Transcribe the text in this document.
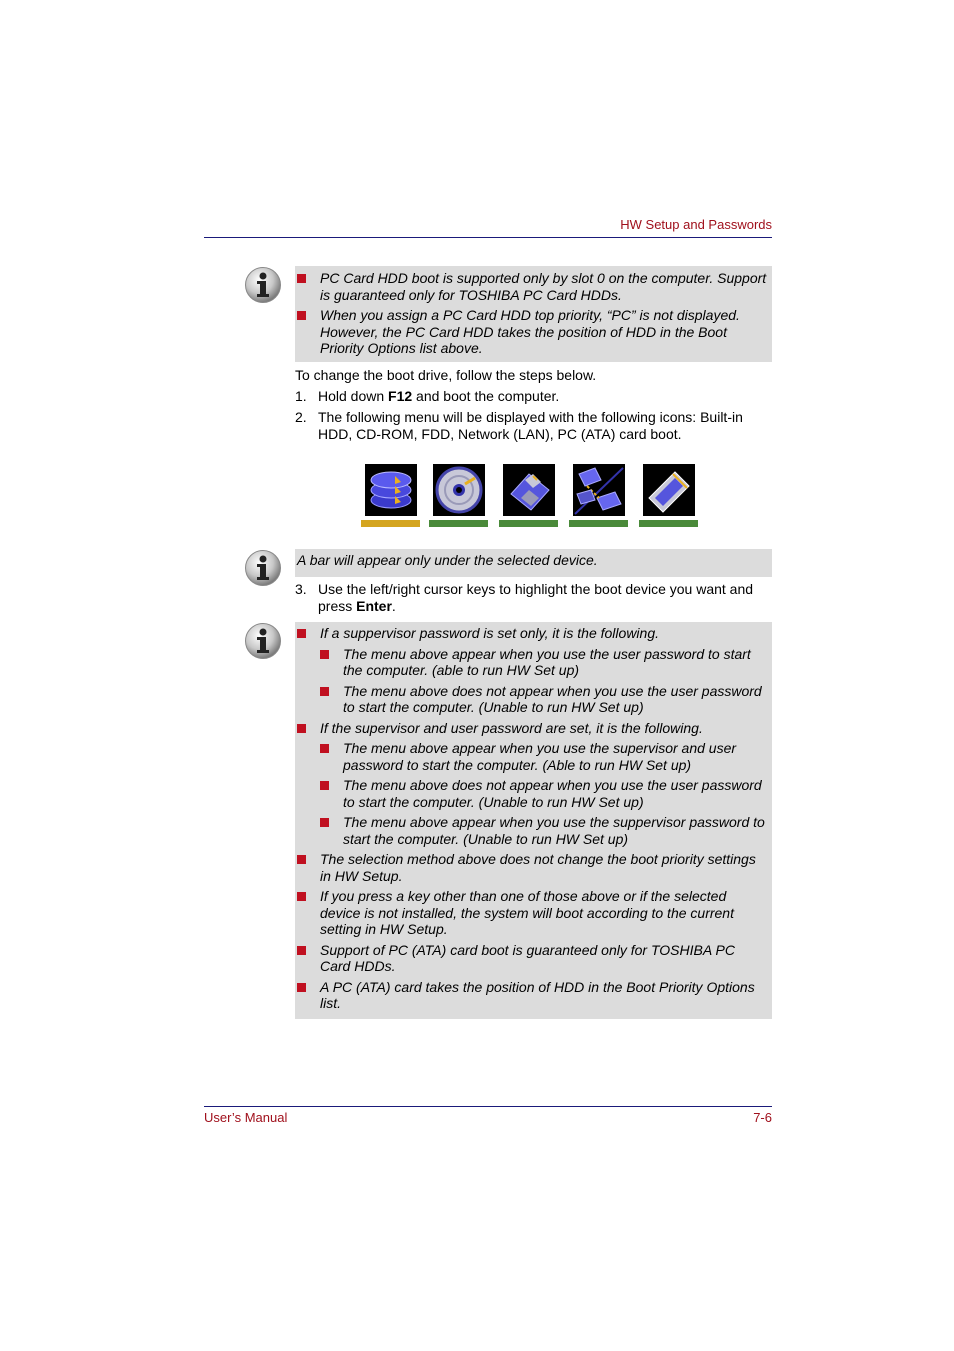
HW Setup and Passwords
PC Card HDD boot is supported only by slot 0 on the computer. Support is guaranteed only for TOSHIBA PC Card HDDs.
When you assign a PC Card HDD top priority, “PC” is not displayed. However, the PC Card HDD takes the position of HDD in the Boot Priority Options list above.
To change the boot drive, follow the steps below.
1. Hold down F12 and boot the computer.
2. The following menu will be displayed with the following icons: Built-in HDD, CD-ROM, FDD, Network (LAN), PC (ATA) card boot.
A bar will appear only under the selected device.
3. Use the left/right cursor keys to highlight the boot device you want and press Enter.
If a suppervisor password is set only, it is the following.
The menu above appear when you use the user password to start the computer. (able to run HW Set up)
The menu above does not appear when you use the user password to start the computer. (Unable to run HW Set up)
If the supervisor and user password are set, it is the following.
The menu above appear when you use the supervisor and user password to start the computer. (Able to run HW Set up)
The menu above does not appear when you use the user password to start the computer. (Unable to run HW Set up)
The menu above appear when you use the suppervisor password to start the computer. (Unable to run HW Set up)
The selection method above does not change the boot priority settings in HW Setup.
If you press a key other than one of those above or if the selected device is not installed, the system will boot according to the current setting in HW Setup.
Support of PC (ATA) card boot is guaranteed only for TOSHIBA PC Card HDDs.
A PC (ATA) card takes the position of HDD in the Boot Priority Options list.
User’s Manual	7-6
